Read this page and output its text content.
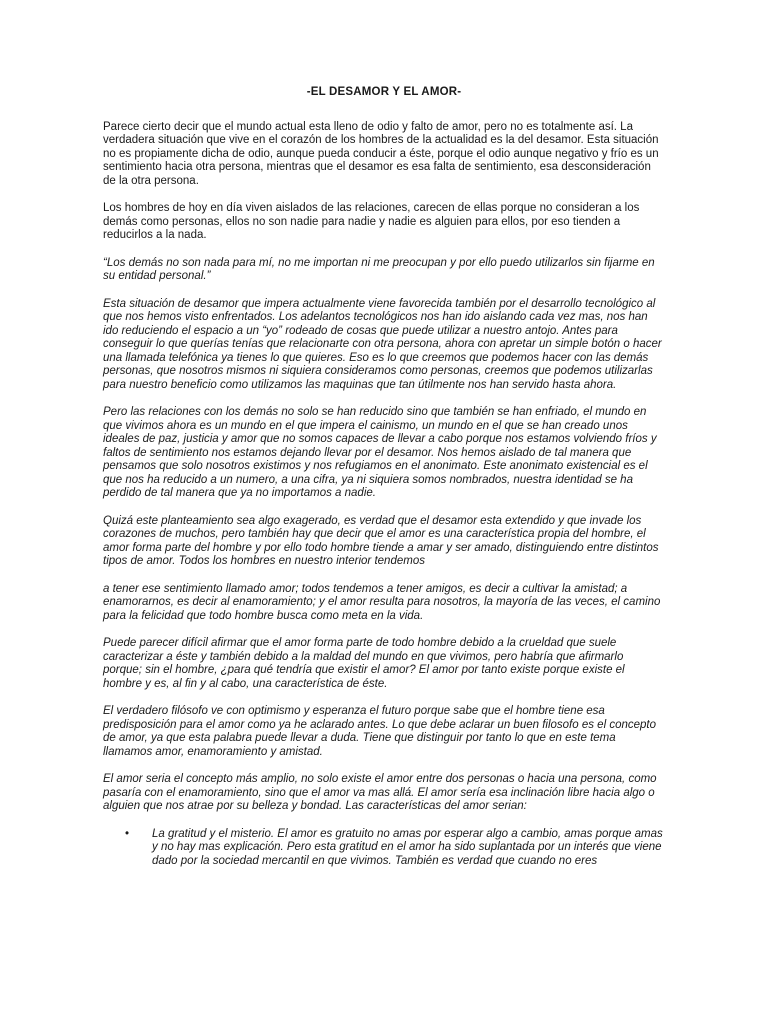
-EL DESAMOR Y EL AMOR-

Parece cierto decir que el mundo actual esta lleno de odio y falto de amor, pero no es totalmente así. La verdadera situación que vive en el corazón de los hombres de la actualidad es la del desamor. Esta situación no es propiamente dicha de odio, aunque pueda conducir a éste, porque el odio aunque negativo y frío es un sentimiento hacia otra persona, mientras que el desamor es esa falta de sentimiento, esa desconsideración de la otra persona.

Los hombres de hoy en día viven aislados de las relaciones, carecen de ellas porque no consideran a los demás como personas, ellos no son nadie para nadie y nadie es alguien para ellos, por eso tienden a reducirlos a la nada.

“Los demás no son nada para mí, no me importan ni me preocupan y por ello puedo utilizarlos sin fijarme en su entidad personal.”

Esta situación de desamor que impera actualmente viene favorecida también por el desarrollo tecnológico al que nos hemos visto enfrentados. Los adelantos tecnológicos nos han ido aislando cada vez mas, nos han ido reduciendo el espacio a un “yo” rodeado de cosas que puede utilizar a nuestro antojo. Antes para conseguir lo que querías tenías que relacionarte con otra persona, ahora con apretar un simple botón o hacer una llamada telefónica ya tienes lo que quieres. Eso es lo que creemos que podemos hacer con las demás personas, que nosotros mismos ni siquiera consideramos como personas, creemos que podemos utilizarlas para nuestro beneficio como utilizamos las maquinas que tan útilmente nos han servido hasta ahora.

Pero las relaciones con los demás no solo se han reducido sino que también se han enfriado, el mundo en que vivimos ahora es un mundo en el que impera el cainismo, un mundo en el que se han creado unos ideales de paz, justicia y amor que no somos capaces de llevar a cabo porque nos estamos volviendo fríos y faltos de sentimiento nos estamos dejando llevar por el desamor. Nos hemos aislado de tal manera que pensamos que solo nosotros existimos y nos refugiamos en el anonimato. Este anonimato existencial es el que nos ha reducido a un numero, a una cifra, ya ni siquiera somos nombrados, nuestra identidad se ha perdido de tal manera que ya no importamos a nadie.

Quizá este planteamiento sea algo exagerado, es verdad que el desamor esta extendido y que invade los corazones de muchos, pero también hay que decir que el amor es una característica propia del hombre, el amor forma parte del hombre y por ello todo hombre tiende a amar y ser amado, distinguiendo entre distintos tipos de amor. Todos los hombres en nuestro interior tendemos

a tener ese sentimiento llamado amor; todos tendemos a tener amigos, es decir a cultivar la amistad; a enamorarnos, es decir al enamoramiento; y el amor resulta para nosotros, la mayoría de las veces, el camino para la felicidad que todo hombre busca como meta en la vida.

Puede parecer difícil afirmar que el amor forma parte de todo hombre debido a la crueldad que suele caracterizar a éste y también debido a la maldad del mundo en que vivimos, pero habría que afirmarlo porque; sin el hombre, ¿para qué tendría que existir el amor? El amor por tanto existe porque existe el hombre y es, al fin y al cabo, una característica de éste.

El verdadero filósofo ve con optimismo y esperanza el futuro porque sabe que el hombre tiene esa predisposición para el amor como ya he aclarado antes. Lo que debe aclarar un buen filosofo es el concepto de amor, ya que esta palabra puede llevar a duda. Tiene que distinguir por tanto lo que en este tema llamamos amor, enamoramiento y amistad.

El amor seria el concepto más amplio, no solo existe el amor entre dos personas o hacia una persona, como pasaría con el enamoramiento, sino que el amor va mas allá. El amor sería esa inclinación libre hacia algo o alguien que nos atrae por su belleza y bondad. Las características del amor serian:

• La gratitud y el misterio. El amor es gratuito no amas por esperar algo a cambio, amas porque amas y no hay mas explicación. Pero esta gratitud en el amor ha sido suplantada por un interés que viene dado por la sociedad mercantil en que vivimos. También es verdad que cuando no eres
